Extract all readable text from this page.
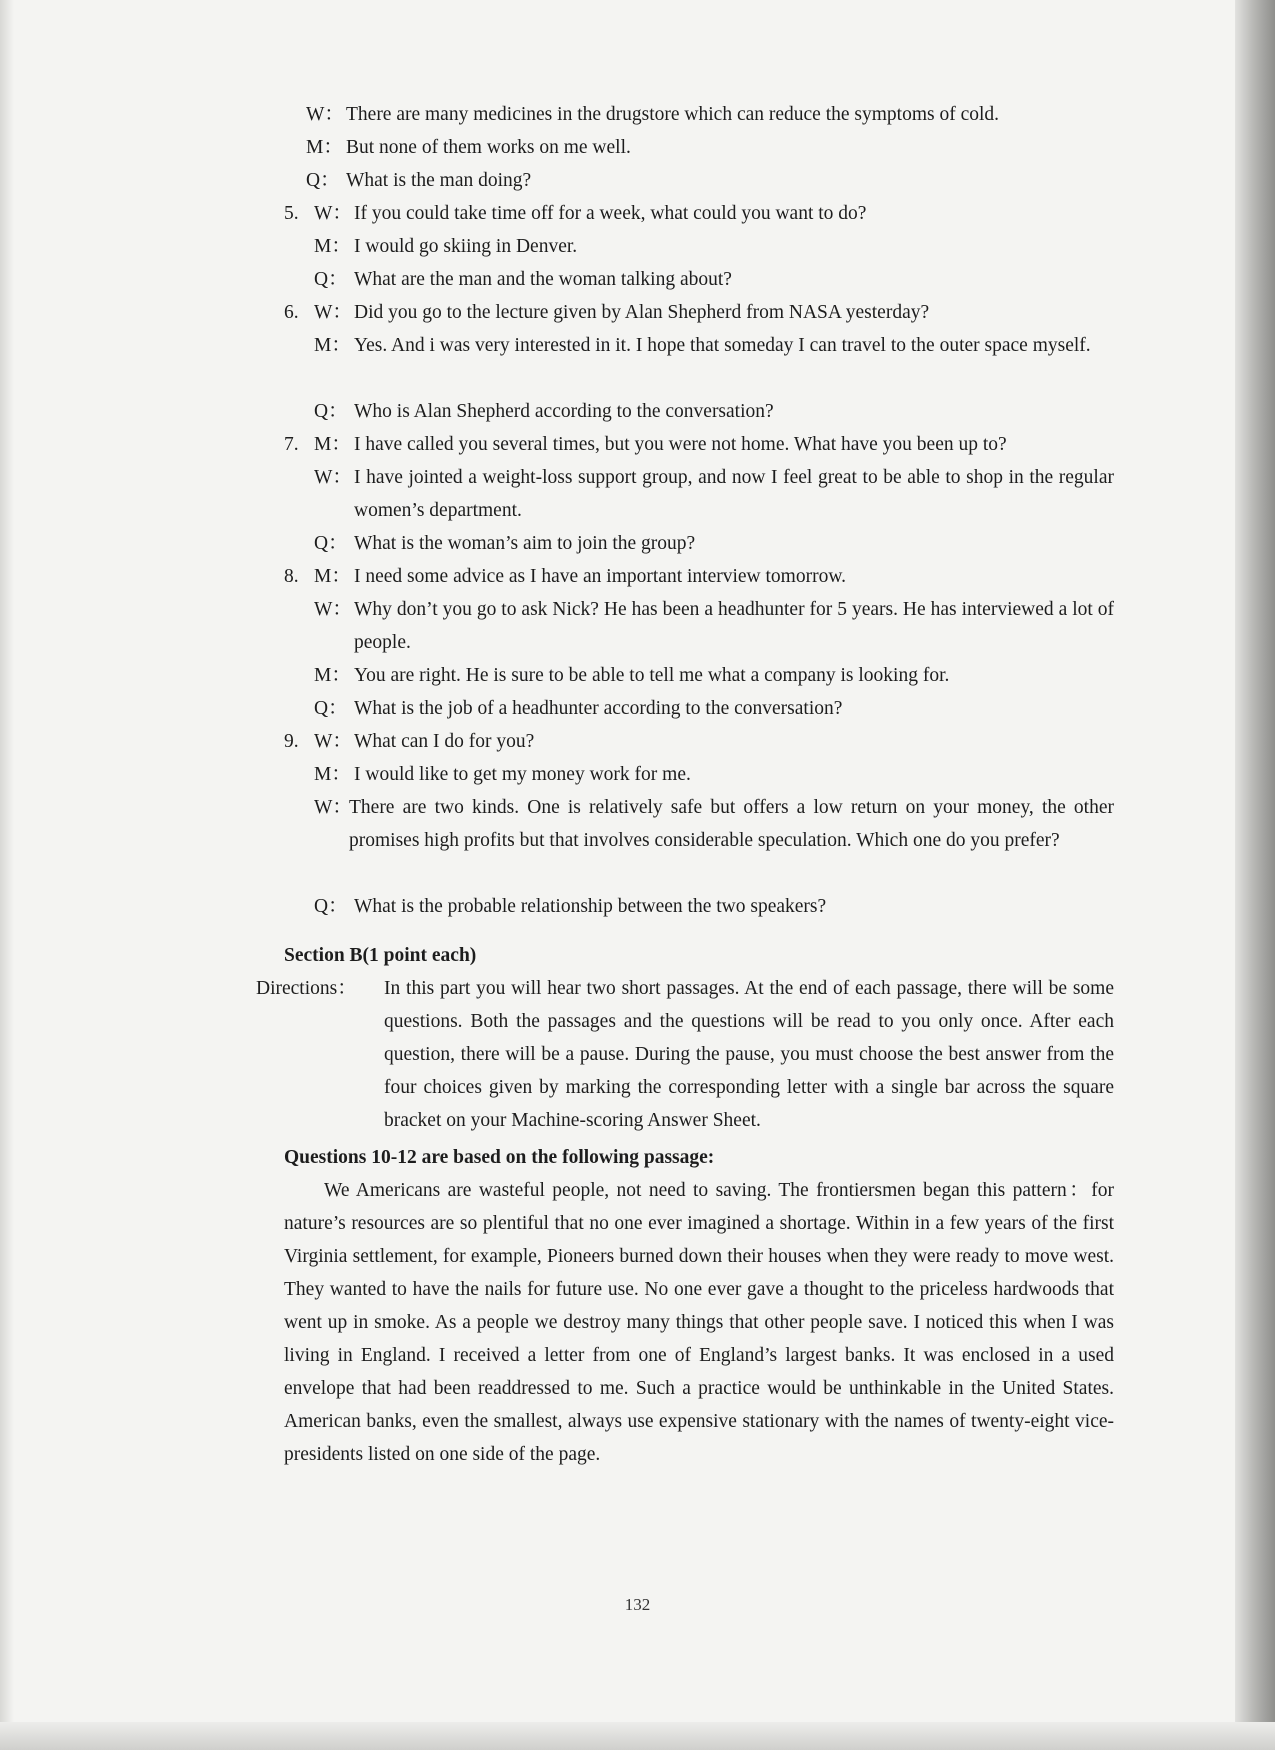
W： There are many medicines in the drugstore which can reduce the symptoms of cold.
M： But none of them works on me well.
Q： What is the man doing?
5. W： If you could take time off for a week, what could you want to do?
M： I would go skiing in Denver.
Q： What are the man and the woman talking about?
6. W： Did you go to the lecture given by Alan Shepherd from NASA yesterday?
M： Yes. And i was very interested in it. I hope that someday I can travel to the outer space myself.
Q： Who is Alan Shepherd according to the conversation?
7. M： I have called you several times, but you were not home. What have you been up to?
W： I have jointed a weight-loss support group, and now I feel great to be able to shop in the regular women’s department.
Q： What is the woman’s aim to join the group?
8. M： I need some advice as I have an important interview tomorrow.
W： Why don’t you go to ask Nick? He has been a headhunter for 5 years. He has interviewed a lot of people.
M： You are right. He is sure to be able to tell me what a company is looking for.
Q： What is the job of a headhunter according to the conversation?
9. W： What can I do for you?
M： I would like to get my money work for me.
W：
There are two kinds. One is relatively safe but offers a low return on your money, the other promises high profits but that involves considerable speculation. Which one do you prefer?
Q： What is the probable relationship between the two speakers?
Section B(1 point each)
Directions： In this part you will hear two short passages. At the end of each passage, there will be some questions. Both the passages and the questions will be read to you only once. After each question, there will be a pause. During the pause, you must choose the best answer from the four choices given by marking the corresponding letter with a single bar across the square bracket on your Machine-scoring Answer Sheet.
Questions 10-12 are based on the following passage:
We Americans are wasteful people, not need to saving. The frontiersmen began this pattern：for nature’s resources are so plentiful that no one ever imagined a shortage. Within in a few years of the first Virginia settlement, for example, Pioneers burned down their houses when they were ready to move west. They wanted to have the nails for future use. No one ever gave a thought to the priceless hardwoods that went up in smoke. As a people we destroy many things that other people save. I noticed this when I was living in England. I received a letter from one of England’s largest banks. It was enclosed in a used envelope that had been readdressed to me. Such a practice would be unthinkable in the United States. American banks, even the smallest, always use expensive stationary with the names of twenty-eight vice-presidents listed on one side of the page.
132
